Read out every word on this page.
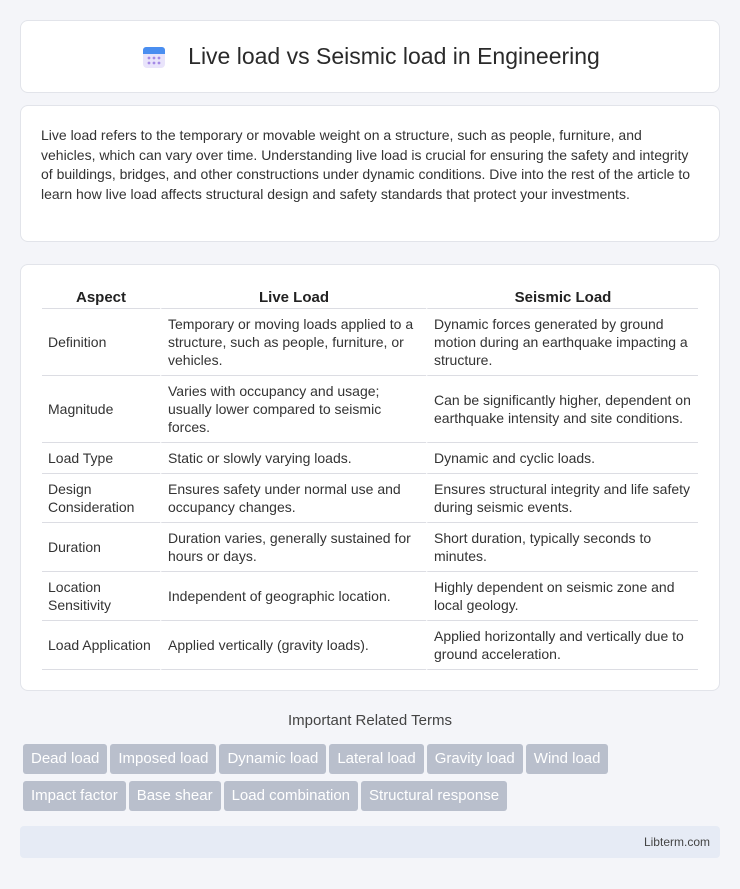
Live load vs Seismic load in Engineering

Live load refers to the temporary or movable weight on a structure, such as people, furniture, and vehicles, which can vary over time. Understanding live load is crucial for ensuring the safety and integrity of buildings, bridges, and other constructions under dynamic conditions. Dive into the rest of the article to learn how live load affects structural design and safety standards that protect your investments.

Aspect	Live Load	Seismic Load
Definition	Temporary or moving loads applied to a structure, such as people, furniture, or vehicles.	Dynamic forces generated by ground motion during an earthquake impacting a structure.
Magnitude	Varies with occupancy and usage; usually lower compared to seismic forces.	Can be significantly higher, dependent on earthquake intensity and site conditions.
Load Type	Static or slowly varying loads.	Dynamic and cyclic loads.
Design Consideration	Ensures safety under normal use and occupancy changes.	Ensures structural integrity and life safety during seismic events.
Duration	Duration varies, generally sustained for hours or days.	Short duration, typically seconds to minutes.
Location Sensitivity	Independent of geographic location.	Highly dependent on seismic zone and local geology.
Load Application	Applied vertically (gravity loads).	Applied horizontally and vertically due to ground acceleration.
Important Related Terms
Dead load Imposed load Dynamic load Lateral load Gravity load Wind load
Impact factor Base shear Load combination Structural response
Libterm.com
